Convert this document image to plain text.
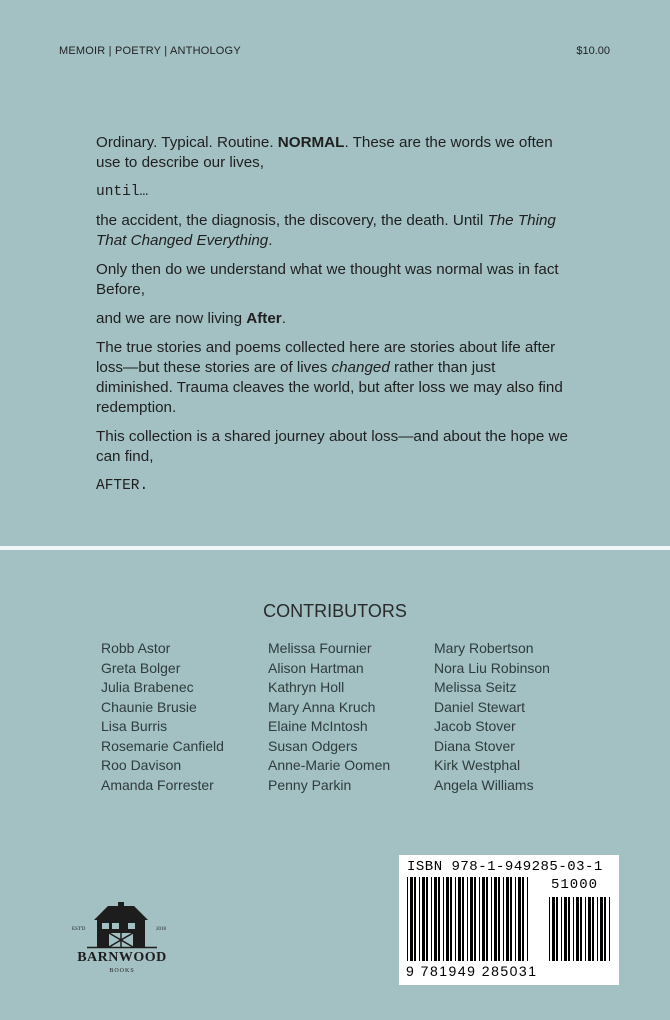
MEMOIR | POETRY | ANTHOLOGY	$10.00

Ordinary. Typical. Routine. NORMAL. These are the words we often use to describe our lives,

until…

the accident, the diagnosis, the discovery, the death. Until The Thing That Changed Everything.

Only then do we understand what we thought was normal was in fact Before,

and we are now living After.

The true stories and poems collected here are stories about life after loss—but these stories are of lives changed rather than just diminished. Trauma cleaves the world, but after loss we may also find redemption.

This collection is a shared journey about loss—and about the hope we can find,

AFTER.

CONTRIBUTORS
Robb Astor
Greta Bolger
Julia Brabenec
Chaunie Brusie
Lisa Burris
Rosemarie Canfield
Roo Davison
Amanda Forrester
Melissa Fournier
Alison Hartman
Kathryn Holl
Mary Anna Kruch
Elaine McIntosh
Susan Odgers
Anne-Marie Oomen
Penny Parkin
Mary Robertson
Nora Liu Robinson
Melissa Seitz
Daniel Stewart
Jacob Stover
Diana Stover
Kirk Westphal
Angela Williams
EST'D	2018
BARNWOOD
BOOKS
ISBN 978-1-949285-03-1
51000
9 781949 285031
